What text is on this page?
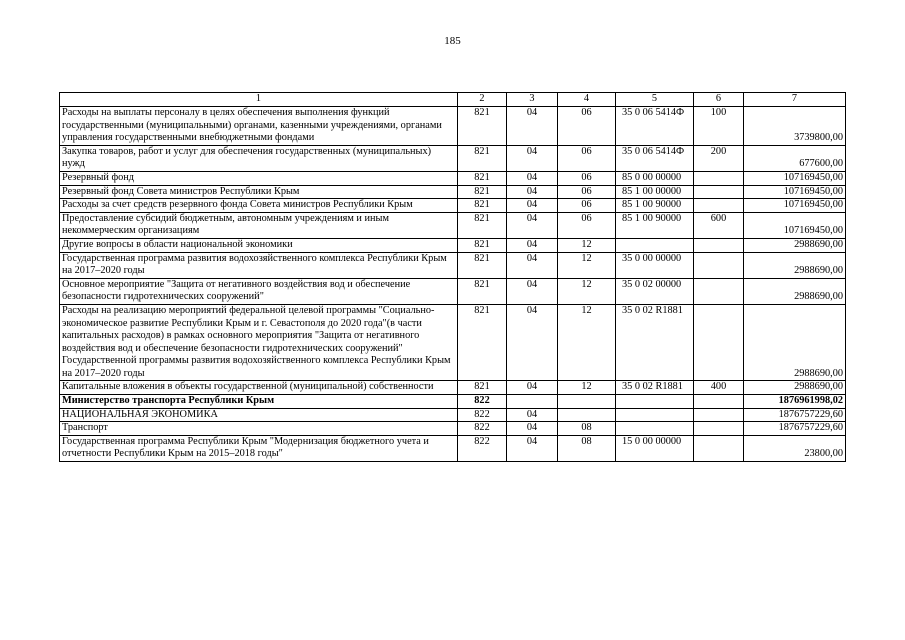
185
1	2	3	4	5	6	7
Расходы на выплаты персоналу в целях обеспечения выполнения функций государственными (муниципальными) органами, казенными учреждениями, органами управления государственными внебюджетными фондами	821	04	06	35 0 06 5414Ф	100	3739800,00
Закупка товаров, работ и услуг для обеспечения государственных (муниципальных) нужд	821	04	06	35 0 06 5414Ф	200	677600,00
Резервный фонд	821	04	06	85 0 00 00000		107169450,00
Резервный фонд Совета министров Республики Крым	821	04	06	85 1 00 00000		107169450,00
Расходы за счет средств резервного фонда Совета министров Республики Крым	821	04	06	85 1 00 90000		107169450,00
Предоставление субсидий бюджетным, автономным учреждениям и иным некоммерческим организациям	821	04	06	85 1 00 90000	600	107169450,00
Другие вопросы в области национальной экономики	821	04	12			2988690,00
Государственная программа развития водохозяйственного комплекса Республики Крым на 2017–2020 годы	821	04	12	35 0 00 00000		2988690,00
Основное мероприятие "Защита от негативного воздействия вод и обеспечение безопасности гидротехнических сооружений"	821	04	12	35 0 02 00000		2988690,00
Расходы на реализацию мероприятий федеральной целевой программы "Социально-экономическое развитие Республики Крым и г. Севастополя до 2020 года"(в части капитальных расходов) в рамках основного мероприятия "Защита от негативного воздействия вод и обеспечение безопасности гидротехнических сооружений" Государственной программы развития водохозяйственного комплекса Республики Крым на 2017–2020 годы	821	04	12	35 0 02 R1881		2988690,00
Капитальные вложения в объекты государственной (муниципальной) собственности	821	04	12	35 0 02 R1881	400	2988690,00
Министерство транспорта Республики Крым	822					1876961998,02
НАЦИОНАЛЬНАЯ ЭКОНОМИКА	822	04				1876757229,60
Транспорт	822	04	08			1876757229,60
Государственная программа Республики Крым "Модернизация бюджетного учета и отчетности Республики Крым на 2015–2018 годы"	822	04	08	15 0 00 00000		23800,00
